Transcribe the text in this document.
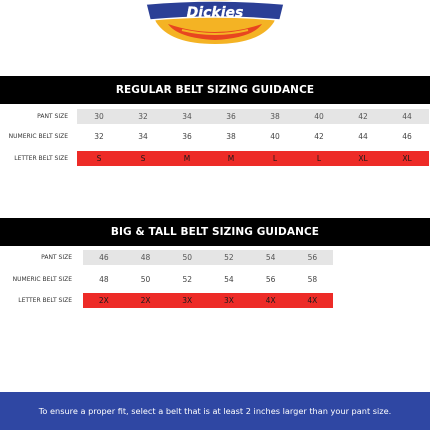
Dickies
REGULAR BELT SIZING GUIDANCE
BIG & TALL BELT SIZING GUIDANCE
To ensure a proper fit, select a belt that is at least 2 inches larger than your pant size.
PANT SIZE	30	32	34	36	38	40	42	44
NUMERIC BELT SIZE	32	34	36	38	40	42	44	46
LETTER BELT SIZE	S	S	M	M	L	L	XL	XL
PANT SIZE	46	48	50	52	54	56
NUMERIC BELT SIZE	48	50	52	54	56	58
LETTER BELT SIZE	2X	2X	3X	3X	4X	4X
